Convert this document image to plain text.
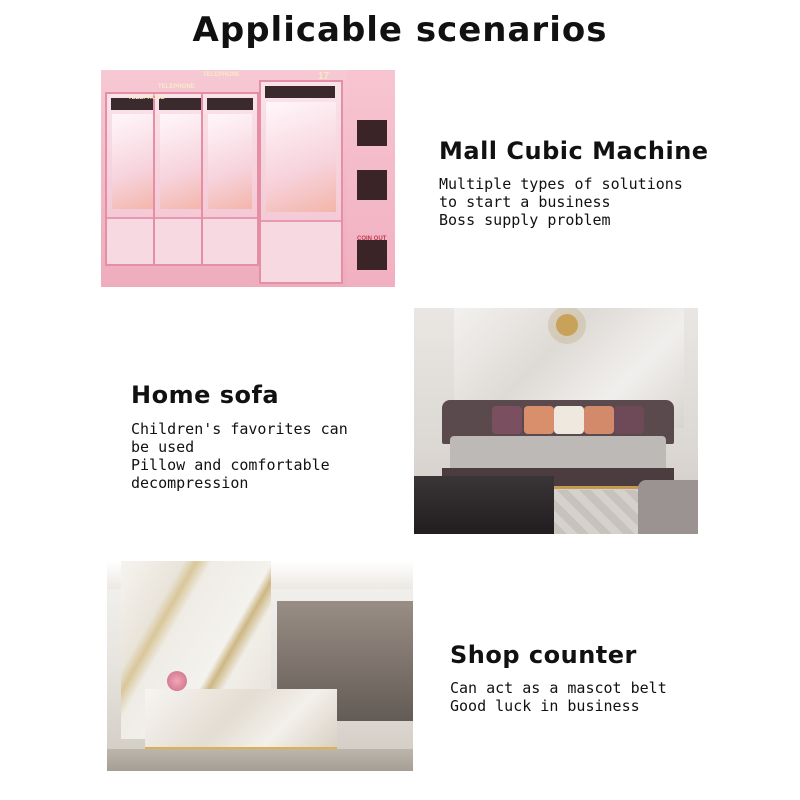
Applicable scenarios
Mall Cubic Machine
Multiple types of solutions
to start a business
Boss supply problem
Home sofa
Children's favorites can
be used
Pillow and comfortable
decompression
Shop counter
Can act as a mascot belt
Good luck in business
TELEPHONE
TELEPHONE
TELEPHONE	17
COIN OUT
